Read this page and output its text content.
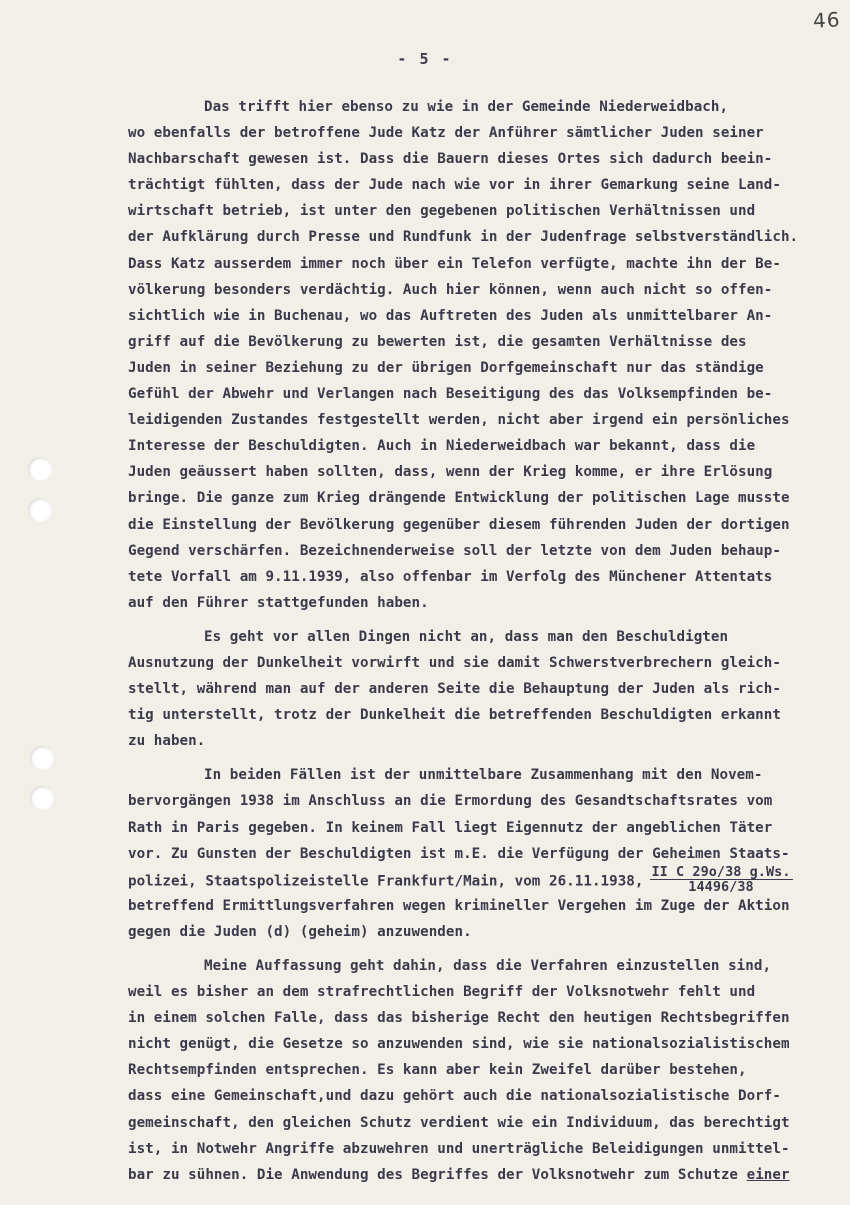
46
- 5 -
Das trifft hier ebenso zu wie in der Gemeinde Niederweidbach,
wo ebenfalls der betroffene Jude Katz der Anführer sämtlicher Juden seiner
Nachbarschaft gewesen ist. Dass die Bauern dieses Ortes sich dadurch beein-
trächtigt fühlten, dass der Jude nach wie vor in ihrer Gemarkung seine Land-
wirtschaft betrieb, ist unter den gegebenen politischen Verhältnissen und
der Aufklärung durch Presse und Rundfunk in der Judenfrage selbstverständlich.
Dass Katz ausserdem immer noch über ein Telefon verfügte, machte ihn der Be-
völkerung besonders verdächtig. Auch hier können, wenn auch nicht so offen-
sichtlich wie in Buchenau, wo das Auftreten des Juden als unmittelbarer An-
griff auf die Bevölkerung zu bewerten ist, die gesamten Verhältnisse des
Juden in seiner Beziehung zu der übrigen Dorfgemeinschaft nur das ständige
Gefühl der Abwehr und Verlangen nach Beseitigung des das Volksempfinden be-
leidigenden Zustandes festgestellt werden, nicht aber irgend ein persönliches
Interesse der Beschuldigten. Auch in Niederweidbach war bekannt, dass die
Juden geäussert haben sollten, dass, wenn der Krieg komme, er ihre Erlösung
bringe. Die ganze zum Krieg drängende Entwicklung der politischen Lage musste
die Einstellung der Bevölkerung gegenüber diesem führenden Juden der dortigen
Gegend verschärfen. Bezeichnenderweise soll der letzte von dem Juden behaup-
tete Vorfall am 9.11.1939, also offenbar im Verfolg des Münchener Attentats
auf den Führer stattgefunden haben.
Es geht vor allen Dingen nicht an, dass man den Beschuldigten
Ausnutzung der Dunkelheit vorwirft und sie damit Schwerstverbrechern gleich-
stellt, während man auf der anderen Seite die Behauptung der Juden als rich-
tig unterstellt, trotz der Dunkelheit die betreffenden Beschuldigten erkannt
zu haben.
In beiden Fällen ist der unmittelbare Zusammenhang mit den Novem-
bervorgängen 1938 im Anschluss an die Ermordung des Gesandtschaftsrates vom
Rath in Paris gegeben. In keinem Fall liegt Eigennutz der angeblichen Täter
vor. Zu Gunsten der Beschuldigten ist m.E. die Verfügung der Geheimen Staats-
polizei, Staatspolizeistelle Frankfurt/Main, vom 26.11.1938, $\frac{\text{II C 29o/38 g.Ws.}}{14496/38}$
betreffend Ermittlungsverfahren wegen krimineller Vergehen im Zuge der Aktion
gegen die Juden (d) (geheim) anzuwenden.
Meine Auffassung geht dahin, dass die Verfahren einzustellen sind,
weil es bisher an dem strafrechtlichen Begriff der Volksnotwehr fehlt und
in einem solchen Falle, dass das bisherige Recht den heutigen Rechtsbegriffen
nicht genügt, die Gesetze so anzuwenden sind, wie sie nationalsozialistischem
Rechtsempfinden entsprechen. Es kann aber kein Zweifel darüber bestehen,
dass eine Gemeinschaft,und dazu gehört auch die nationalsozialistische Dorf-
gemeinschaft, den gleichen Schutz verdient wie ein Individuum, das berechtigt
ist, in Notwehr Angriffe abzuwehren und unerträgliche Beleidigungen unmittel-
bar zu sühnen. Die Anwendung des Begriffes der Volksnotwehr zum Schutze einer
